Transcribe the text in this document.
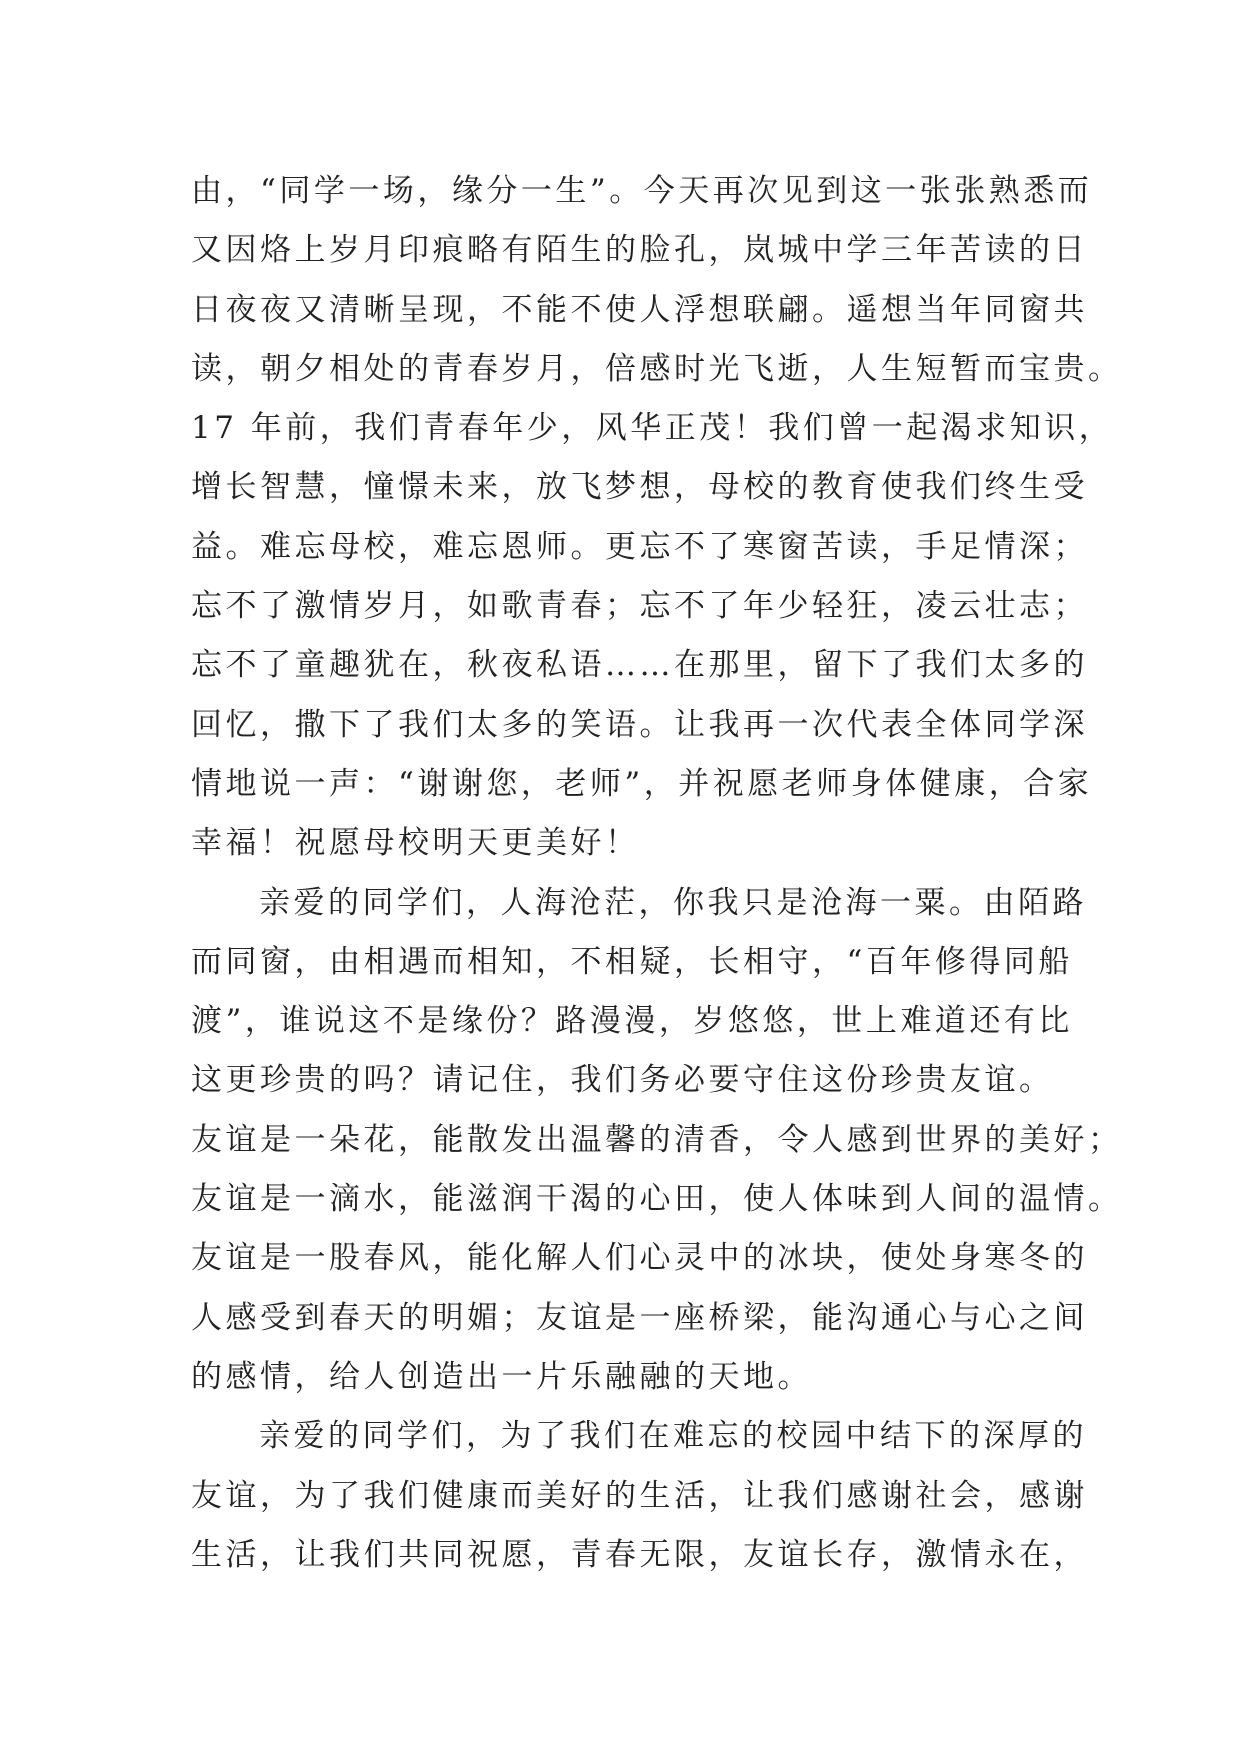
由，“同学一场，缘分一生”。今天再次见到这一张张熟悉而
又因烙上岁月印痕略有陌生的脸孔，岚城中学三年苦读的日
日夜夜又清晰呈现，不能不使人浮想联翩。遥想当年同窗共
读，朝夕相处的青春岁月，倍感时光飞逝，人生短暂而宝贵。
17 年前，我们青春年少，风华正茂！我们曾一起渴求知识，
增长智慧，憧憬未来，放飞梦想，母校的教育使我们终生受
益。难忘母校，难忘恩师。更忘不了寒窗苦读，手足情深；
忘不了激情岁月，如歌青春；忘不了年少轻狂，凌云壮志；
忘不了童趣犹在，秋夜私语……在那里，留下了我们太多的
回忆，撒下了我们太多的笑语。让我再一次代表全体同学深
情地说一声：“谢谢您，老师”，并祝愿老师身体健康，合家
幸福！祝愿母校明天更美好！
亲爱的同学们，人海沧茫，你我只是沧海一粟。由陌路
而同窗，由相遇而相知，不相疑，长相守，“百年修得同船
渡”，谁说这不是缘份？路漫漫，岁悠悠，世上难道还有比
这更珍贵的吗？请记住，我们务必要守住这份珍贵友谊。
友谊是一朵花，能散发出温馨的清香，令人感到世界的美好；
友谊是一滴水，能滋润干渴的心田，使人体味到人间的温情。
友谊是一股春风，能化解人们心灵中的冰块，使处身寒冬的
人感受到春天的明媚；友谊是一座桥梁，能沟通心与心之间
的感情，给人创造出一片乐融融的天地。
亲爱的同学们，为了我们在难忘的校园中结下的深厚的
友谊，为了我们健康而美好的生活，让我们感谢社会，感谢
生活，让我们共同祝愿，青春无限，友谊长存，激情永在，
